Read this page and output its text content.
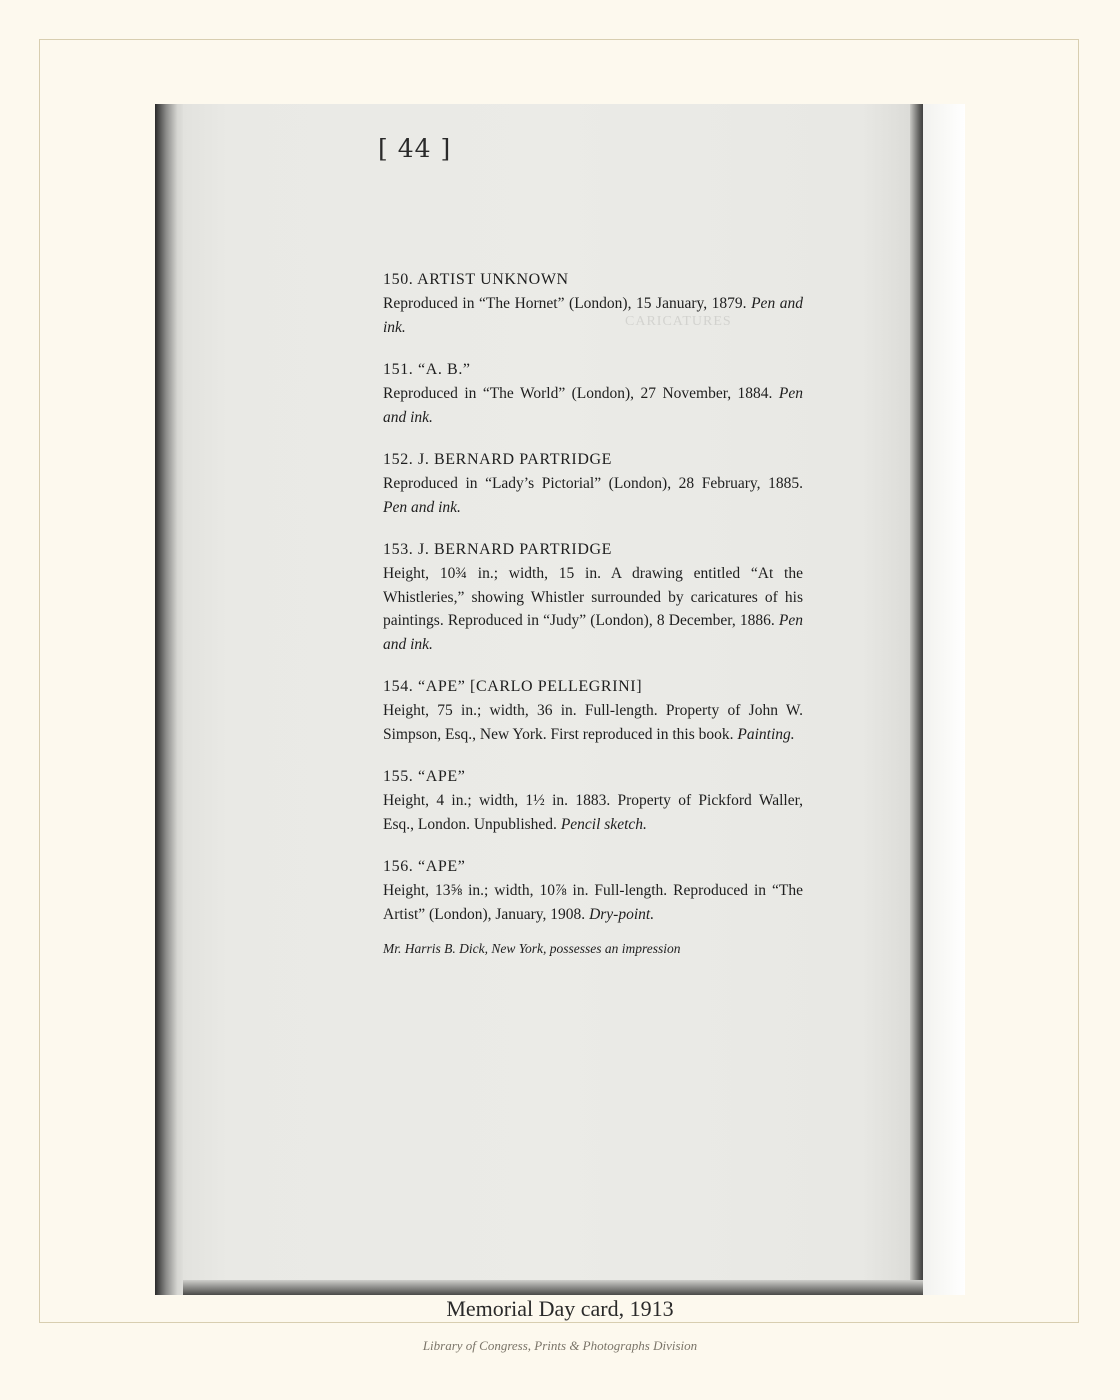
CARICATURES
[ 44 ]
150. ARTIST UNKNOWN
Reproduced in “The Hornet” (London), 15 January, 1879. Pen and ink.
151. “A. B.”
Reproduced in “The World” (London), 27 November, 1884. Pen and ink.
152. J. BERNARD PARTRIDGE
Reproduced in “Lady’s Pictorial” (London), 28 February, 1885. Pen and ink.
153. J. BERNARD PARTRIDGE
Height, 10¾ in.; width, 15 in. A drawing entitled “At the Whistleries,” showing Whistler surrounded by caricatures of his paintings. Reproduced in “Judy” (London), 8 December, 1886. Pen and ink.
154. “APE” [CARLO PELLEGRINI]
Height, 75 in.; width, 36 in. Full-length. Property of John W. Simpson, Esq., New York. First reproduced in this book. Painting.
155. “APE”
Height, 4 in.; width, 1½ in. 1883. Property of Pickford Waller, Esq., London. Unpublished. Pencil sketch.
156. “APE”
Height, 13⅝ in.; width, 10⅞ in. Full-length. Reproduced in “The Artist” (London), January, 1908. Dry-point.
Mr. Harris B. Dick, New York, possesses an impression
Memorial Day card, 1913
Library of Congress, Prints & Photographs Division
